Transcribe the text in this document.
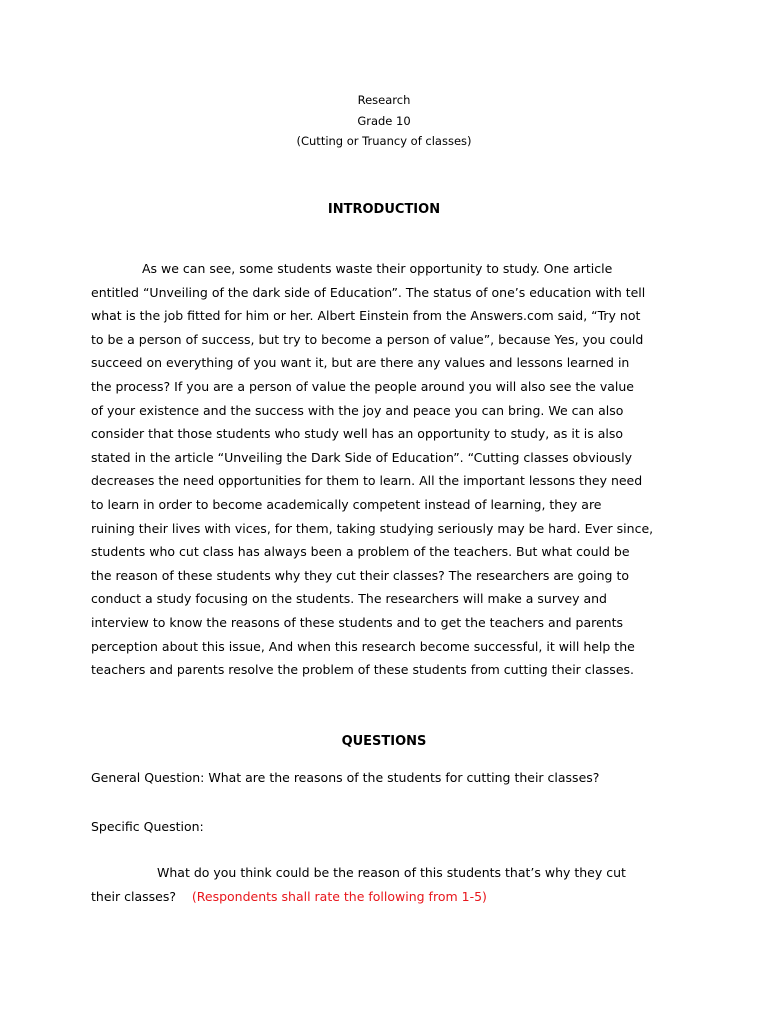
Research
Grade 10
(Cutting or Truancy of classes)
INTRODUCTION
As we can see, some students waste their opportunity to study. One article
entitled “Unveiling of the dark side of Education”. The status of one’s education with tell
what is the job fitted for him or her. Albert Einstein from the Answers.com said, “Try not
to be a person of success, but try to become a person of value”, because Yes, you could
succeed on everything of you want it, but are there any values and lessons learned in
the process? If you are a person of value the people around you will also see the value
of your existence and the success with the joy and peace you can bring. We can also
consider that those students who study well has an opportunity to study, as it is also
stated in the article “Unveiling the Dark Side of Education”. “Cutting classes obviously
decreases the need opportunities for them to learn. All the important lessons they need
to learn in order to become academically competent instead of learning, they are
ruining their lives with vices, for them, taking studying seriously may be hard. Ever since,
students who cut class has always been a problem of the teachers. But what could be
the reason of these students why they cut their classes? The researchers are going to
conduct a study focusing on the students. The researchers will make a survey and
interview to know the reasons of these students and to get the teachers and parents
perception about this issue, And when this research become successful, it will help the
teachers and parents resolve the problem of these students from cutting their classes.
QUESTIONS
General Question: What are the reasons of the students for cutting their classes?
Specific Question:
What do you think could be the reason of this students that’s why they cut
their classes? (Respondents shall rate the following from 1-5)
